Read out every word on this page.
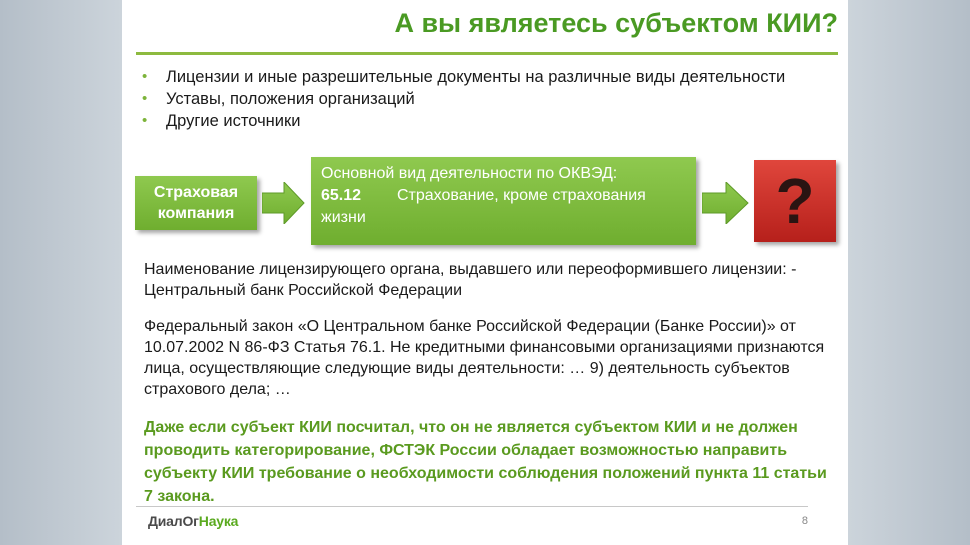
А вы являетесь субъектом КИИ?
• Лицензии и иные разрешительные документы на различные виды деятельности
• Уставы, положения организаций
• Другие источники
Страховая компания
Основной вид деятельности по ОКВЭД:
65.12 Страхование, кроме страхования жизни	?
Наименование лицензирующего органа, выдавшего или переоформившего лицензии: - Центральный банк Российской Федерации
Федеральный закон «О Центральном банке Российской Федерации (Банке России)» от 10.07.2002 N 86-ФЗ Статья 76.1. Не кредитными финансовыми организациями признаются лица, осуществляющие следующие виды деятельности: … 9) деятельность субъектов страхового дела; …
Даже если субъект КИИ посчитал, что он не является субъектом КИИ и не должен проводить категорирование, ФСТЭК России обладает возможностью направить субъекту КИИ требование о необходимости соблюдения положений пункта 11 статьи 7 закона.
ДиалОгНаука	8
